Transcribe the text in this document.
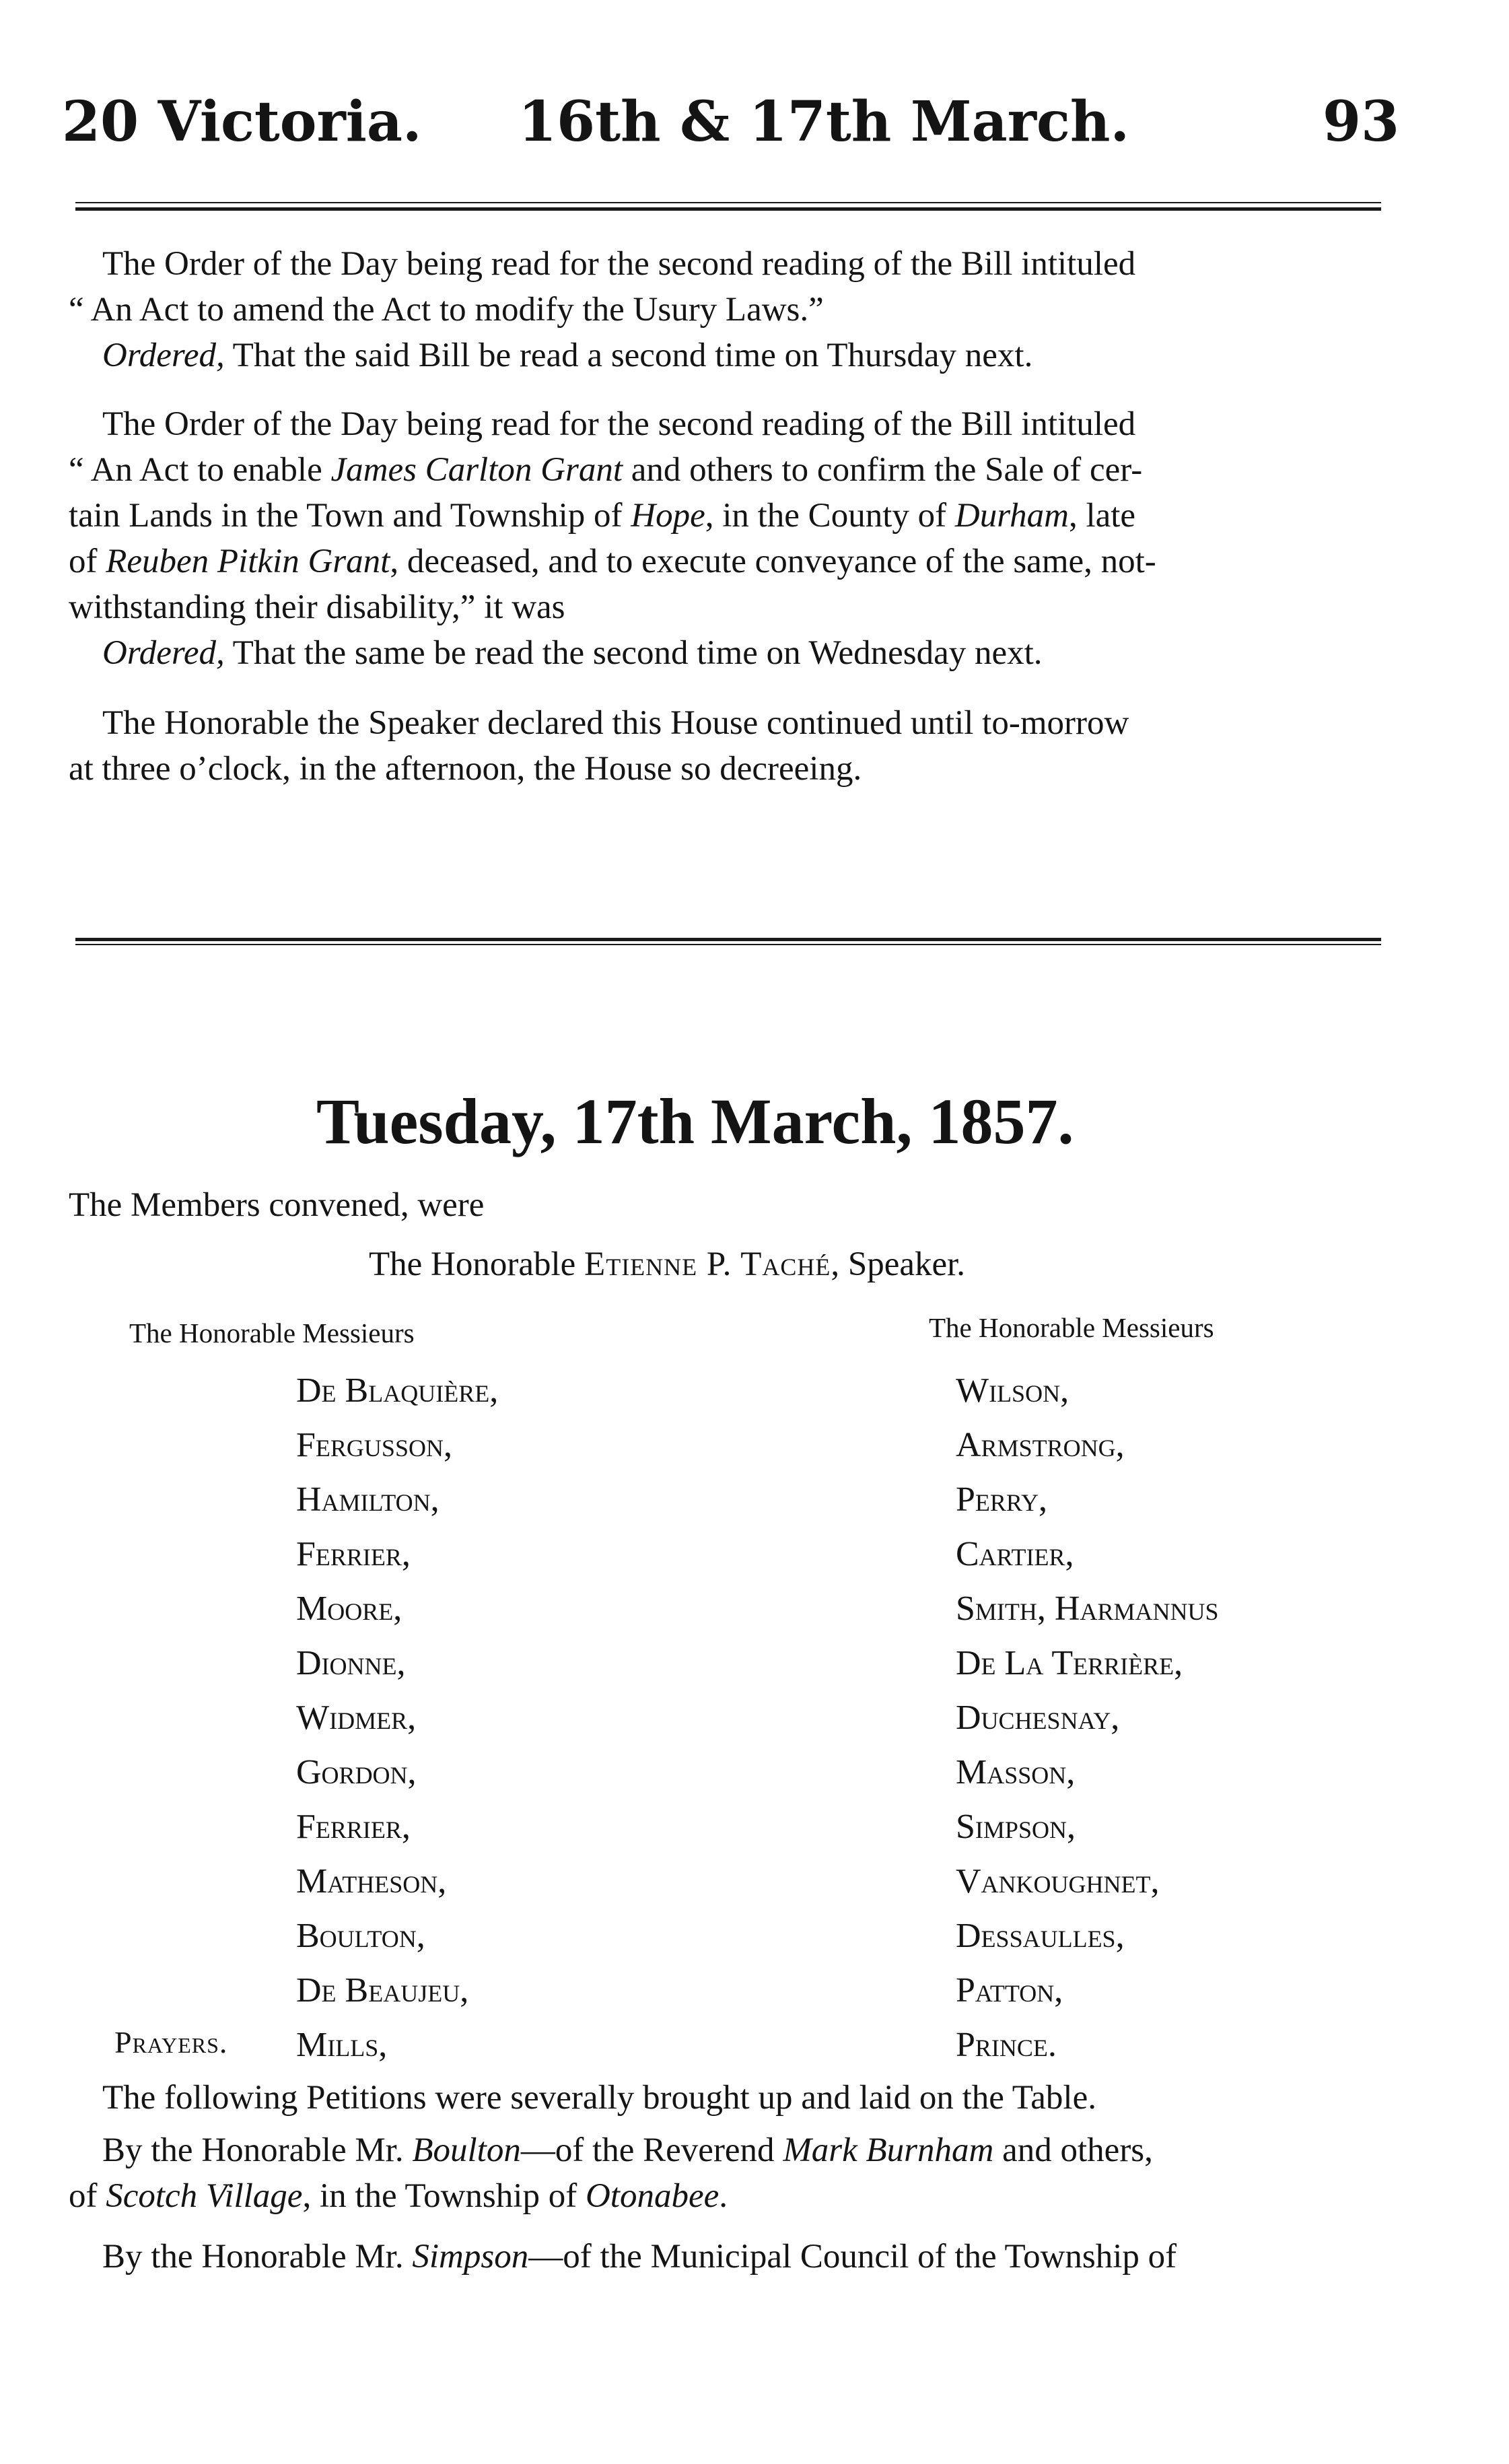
20 Victoria. 16th & 17th March.	93
The Order of the Day being read for the second reading of the Bill intituled
“ An Act to amend the Act to modify the Usury Laws.”
Ordered, That the said Bill be read a second time on Thursday next.
The Order of the Day being read for the second reading of the Bill intituled
“ An Act to enable James Carlton Grant and others to confirm the Sale of cer-
tain Lands in the Town and Township of Hope, in the County of Durham, late
of Reuben Pitkin Grant, deceased, and to execute conveyance of the same, not-
withstanding their disability,” it was
Ordered, That the same be read the second time on Wednesday next.
The Honorable the Speaker declared this House continued until to-morrow
at three o’clock, in the afternoon, the House so decreeing.
Tuesday, 17th March, 1857.
The Members convened, were
The Honorable Etienne P. Taché, Speaker.
The Honorable Messieurs	The Honorable Messieurs
De Blaquière,
Fergusson,
Hamilton,
Ferrier,
Moore,
Dionne,
Widmer,
Gordon,
Ferrier,
Matheson,
Boulton,
De Beaujeu,
Mills,
Wilson,
Armstrong,
Perry,
Cartier,
Smith, Harmannus
De La Terrière,
Duchesnay,
Masson,
Simpson,
Vankoughnet,
Dessaulles,
Patton,
Prince.
Prayers.
The following Petitions were severally brought up and laid on the Table.
By the Honorable Mr. Boulton—of the Reverend Mark Burnham and others,
of Scotch Village, in the Township of Otonabee.
By the Honorable Mr. Simpson—of the Municipal Council of the Township of
